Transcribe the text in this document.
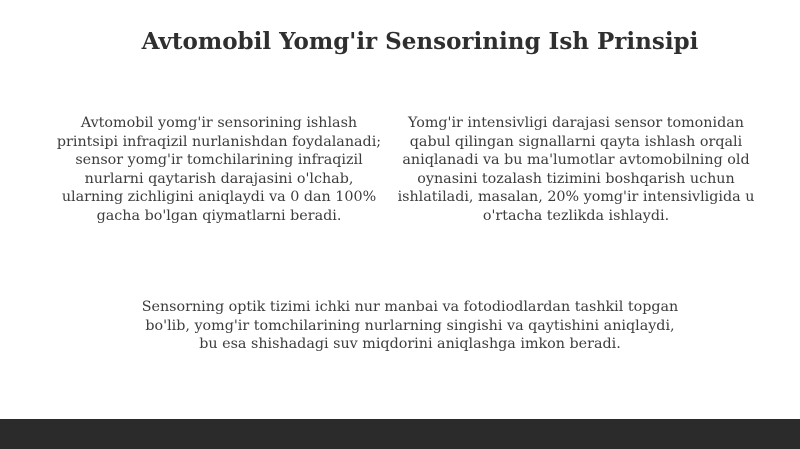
Avtomobil Yomg'ir Sensorining Ish Prinsipi

Avtomobil yomg'ir sensorining ishlash printsipi infraqizil nurlanishdan foydalanadi; sensor yomg'ir tomchilarining infraqizil nurlarni qaytarish darajasini o'lchab, ularning zichligini aniqlaydi va 0 dan 100% gacha bo'lgan qiymatlarni beradi.

Yomg'ir intensivligi darajasi sensor tomonidan qabul qilingan signallarni qayta ishlash orqali aniqlanadi va bu ma'lumotlar avtomobilning old oynasini tozalash tizimini boshqarish uchun ishlatiladi, masalan, 20% yomg'ir intensivligida u o'rtacha tezlikda ishlaydi.

Sensorning optik tizimi ichki nur manbai va fotodiodlardan tashkil topgan bo'lib, yomg'ir tomchilarining nurlarning singishi va qaytishini aniqlaydi, bu esa shishadagi suv miqdorini aniqlashga imkon beradi.
